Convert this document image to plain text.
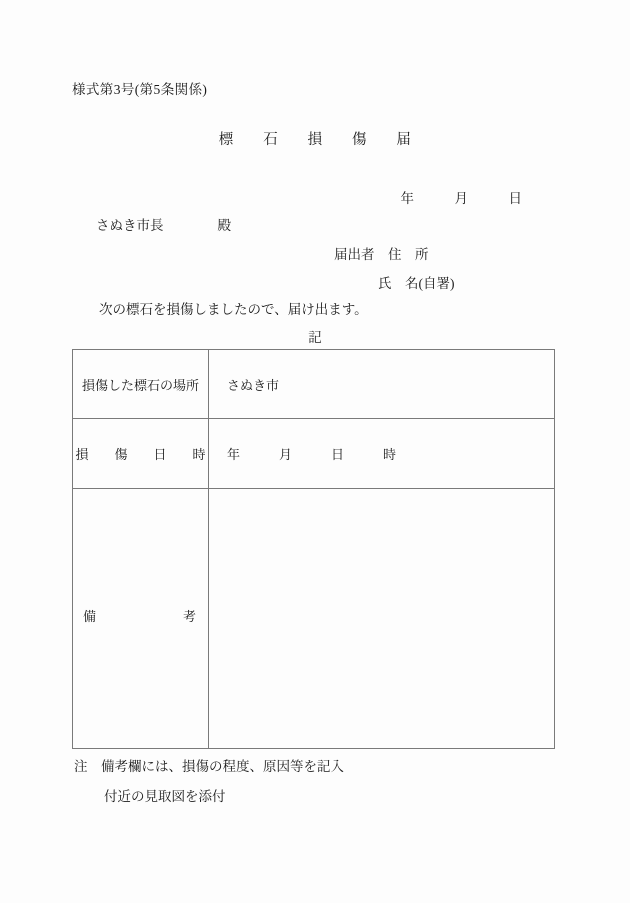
様式第3号(第5条関係)
標　　石　　損　　傷　　届
年　　　月　　　日
さぬき市長　　　　殿
届出者　住　所
氏　名(自署)
次の標石を損傷しましたので、届け出ます。
記
損傷した標石の場所	さぬき市

損　　傷　　日　　時	年　　　月　　　日　　　時

備 考	

注　備考欄には、損傷の程度、原因等を記入
付近の見取図を添付
